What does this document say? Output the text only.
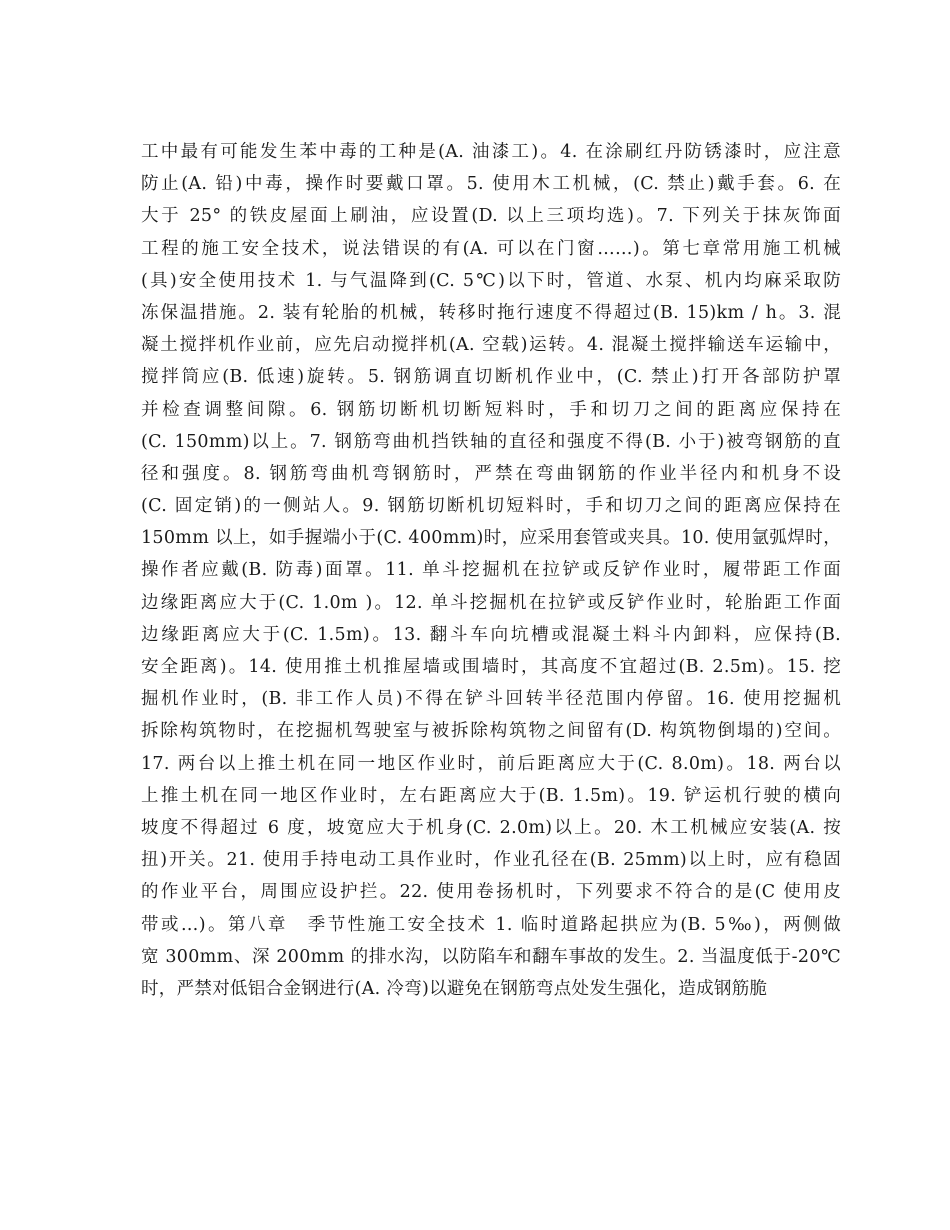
工中最有可能发生苯中毒的工种是(A. 油漆工)。4. 在涂刷红丹防锈漆时，应注意
防止(A. 铅)中毒，操作时要戴口罩。5. 使用木工机械，(C. 禁止)戴手套。6. 在
大于 25° 的铁皮屋面上刷油，应设置(D. 以上三项均选)。7. 下列关于抹灰饰面
工程的施工安全技术，说法错误的有(A. 可以在门窗……)。第七章常用施工机械
(具)安全使用技术 1. 与气温降到(C. 5℃)以下时，管道、水泵、机内均麻采取防
冻保温措施。2. 装有轮胎的机械，转移时拖行速度不得超过(B. 15)km / h。3. 混
凝土搅拌机作业前，应先启动搅拌机(A. 空载)运转。4. 混凝土搅拌输送车运输中，
搅拌筒应(B. 低速)旋转。5. 钢筋调直切断机作业中，(C. 禁止)打开各部防护罩
并检查调整间隙。6. 钢筋切断机切断短料时，手和切刀之间的距离应保持在
(C. 150mm)以上。7. 钢筋弯曲机挡铁轴的直径和强度不得(B. 小于)被弯钢筋的直
径和强度。8. 钢筋弯曲机弯钢筋时，严禁在弯曲钢筋的作业半径内和机身不设
(C. 固定销)的一侧站人。9. 钢筋切断机切短料时，手和切刀之间的距离应保持在
150mm 以上，如手握端小于(C. 400mm)时，应采用套管或夹具。10. 使用氩弧焊时，
操作者应戴(B. 防毒)面罩。11. 单斗挖掘机在拉铲或反铲作业时，履带距工作面
边缘距离应大于(C. 1.0m )。12. 单斗挖掘机在拉铲或反铲作业时，轮胎距工作面
边缘距离应大于(C. 1.5m)。13. 翻斗车向坑槽或混凝土料斗内卸料，应保持(B.
安全距离)。14. 使用推土机推屋墙或围墙时，其高度不宜超过(B. 2.5m)。15. 挖
掘机作业时，(B. 非工作人员)不得在铲斗回转半径范围内停留。16. 使用挖掘机
拆除构筑物时，在挖掘机驾驶室与被拆除构筑物之间留有(D. 构筑物倒塌的)空间。
17. 两台以上推土机在同一地区作业时，前后距离应大于(C. 8.0m)。18. 两台以
上推土机在同一地区作业时，左右距离应大于(B. 1.5m)。19. 铲运机行驶的横向
坡度不得超过 6 度，坡宽应大于机身(C. 2.0m)以上。20. 木工机械应安装(A. 按
扭)开关。21. 使用手持电动工具作业时，作业孔径在(B. 25mm)以上时，应有稳固
的作业平台，周围应设护拦。22. 使用卷扬机时，下列要求不符合的是(C 使用皮
带或…)。第八章　季节性施工安全技术 1. 临时道路起拱应为(B. 5‰)，两侧做
宽 300mm、深 200mm 的排水沟，以防陷车和翻车事故的发生。2. 当温度低于-20℃
时，严禁对低铝合金钢进行(A. 冷弯)以避免在钢筋弯点处发生强化，造成钢筋脆
